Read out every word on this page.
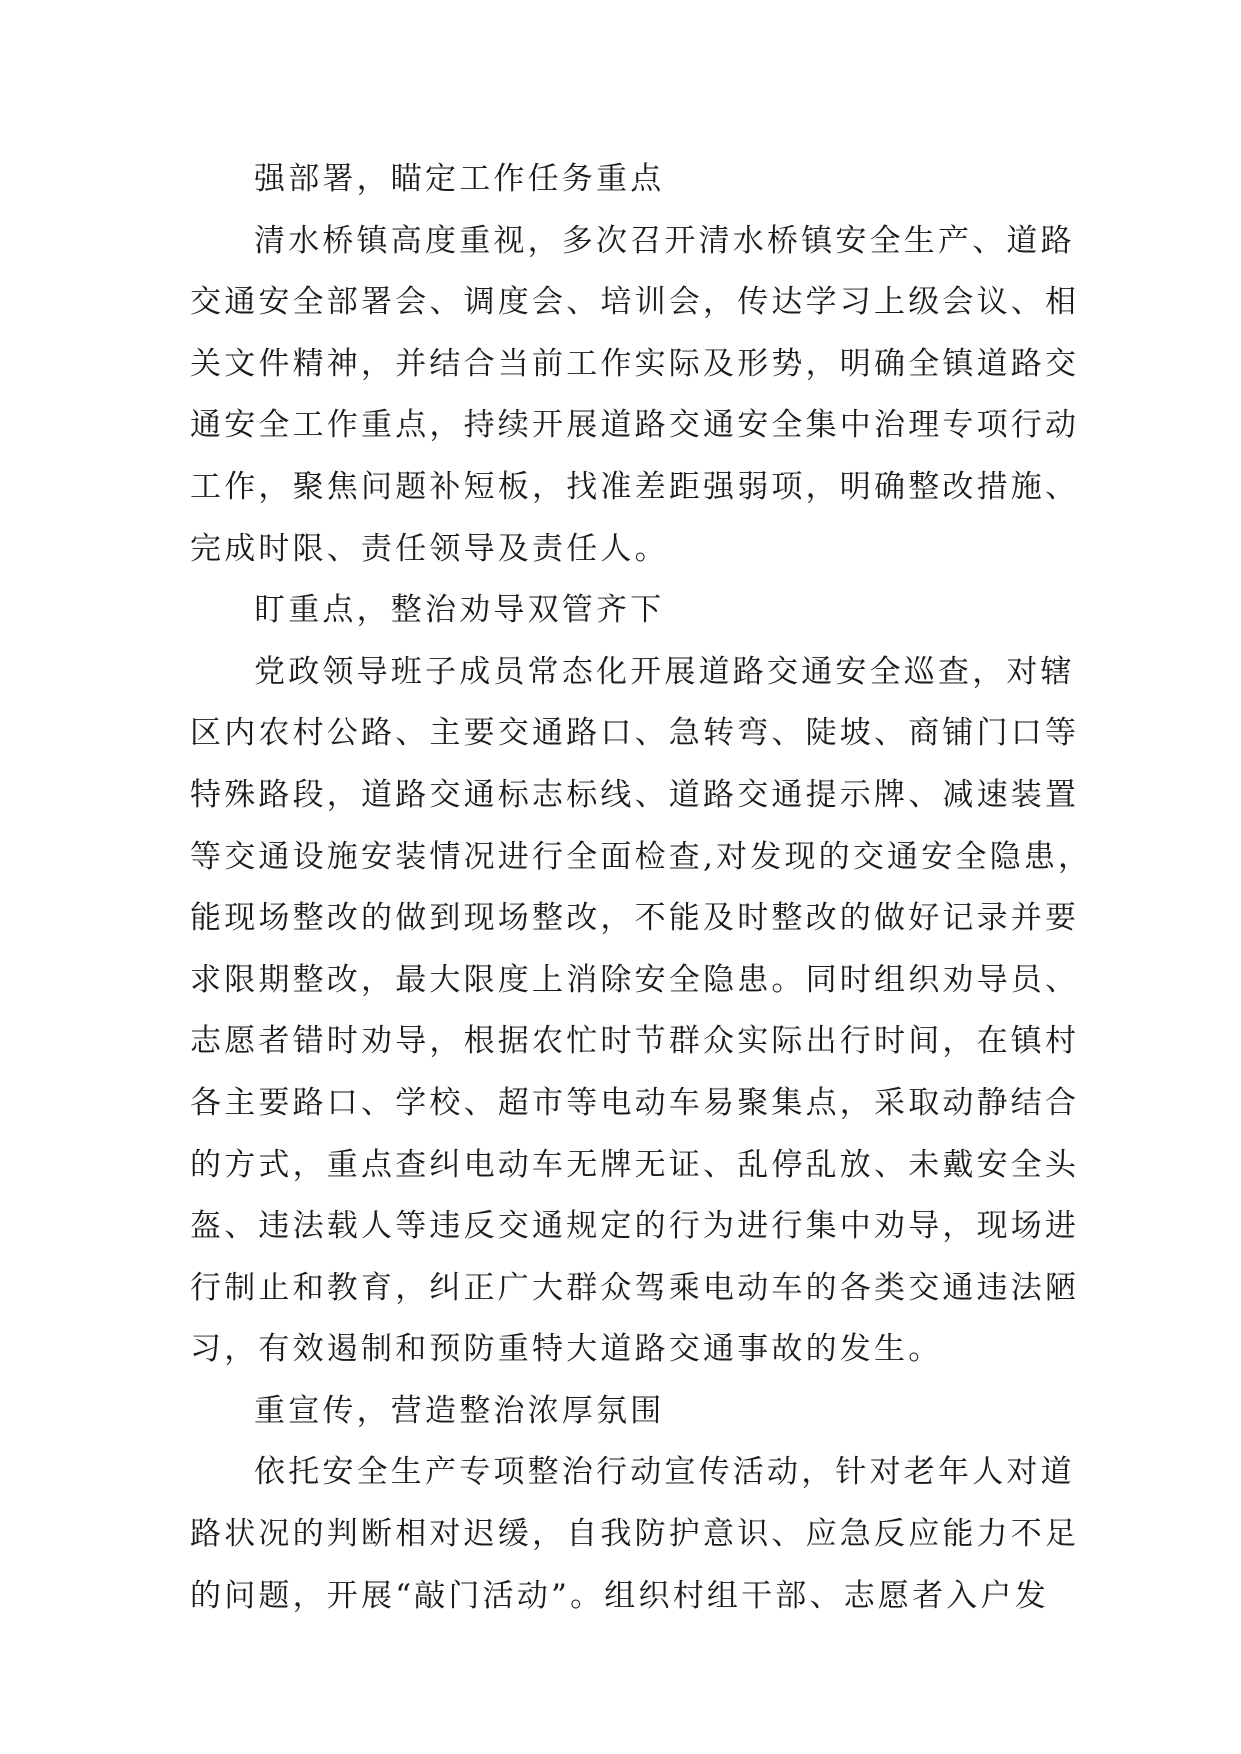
强部署，瞄定工作任务重点
清水桥镇高度重视，多次召开清水桥镇安全生产、道路
交通安全部署会、调度会、培训会，传达学习上级会议、相
关文件精神，并结合当前工作实际及形势，明确全镇道路交
通安全工作重点，持续开展道路交通安全集中治理专项行动
工作，聚焦问题补短板，找准差距强弱项，明确整改措施、
完成时限、责任领导及责任人。
盯重点，整治劝导双管齐下
党政领导班子成员常态化开展道路交通安全巡查，对辖
区内农村公路、主要交通路口、急转弯、陡坡、商铺门口等
特殊路段，道路交通标志标线、道路交通提示牌、减速装置
等交通设施安装情况进行全面检查,对发现的交通安全隐患，
能现场整改的做到现场整改，不能及时整改的做好记录并要
求限期整改，最大限度上消除安全隐患。同时组织劝导员、
志愿者错时劝导，根据农忙时节群众实际出行时间，在镇村
各主要路口、学校、超市等电动车易聚集点，采取动静结合
的方式，重点查纠电动车无牌无证、乱停乱放、未戴安全头
盔、违法载人等违反交通规定的行为进行集中劝导，现场进
行制止和教育，纠正广大群众驾乘电动车的各类交通违法陋
习，有效遏制和预防重特大道路交通事故的发生。
重宣传，营造整治浓厚氛围
依托安全生产专项整治行动宣传活动，针对老年人对道
路状况的判断相对迟缓，自我防护意识、应急反应能力不足
的问题，开展“敲门活动”。组织村组干部、志愿者入户发
